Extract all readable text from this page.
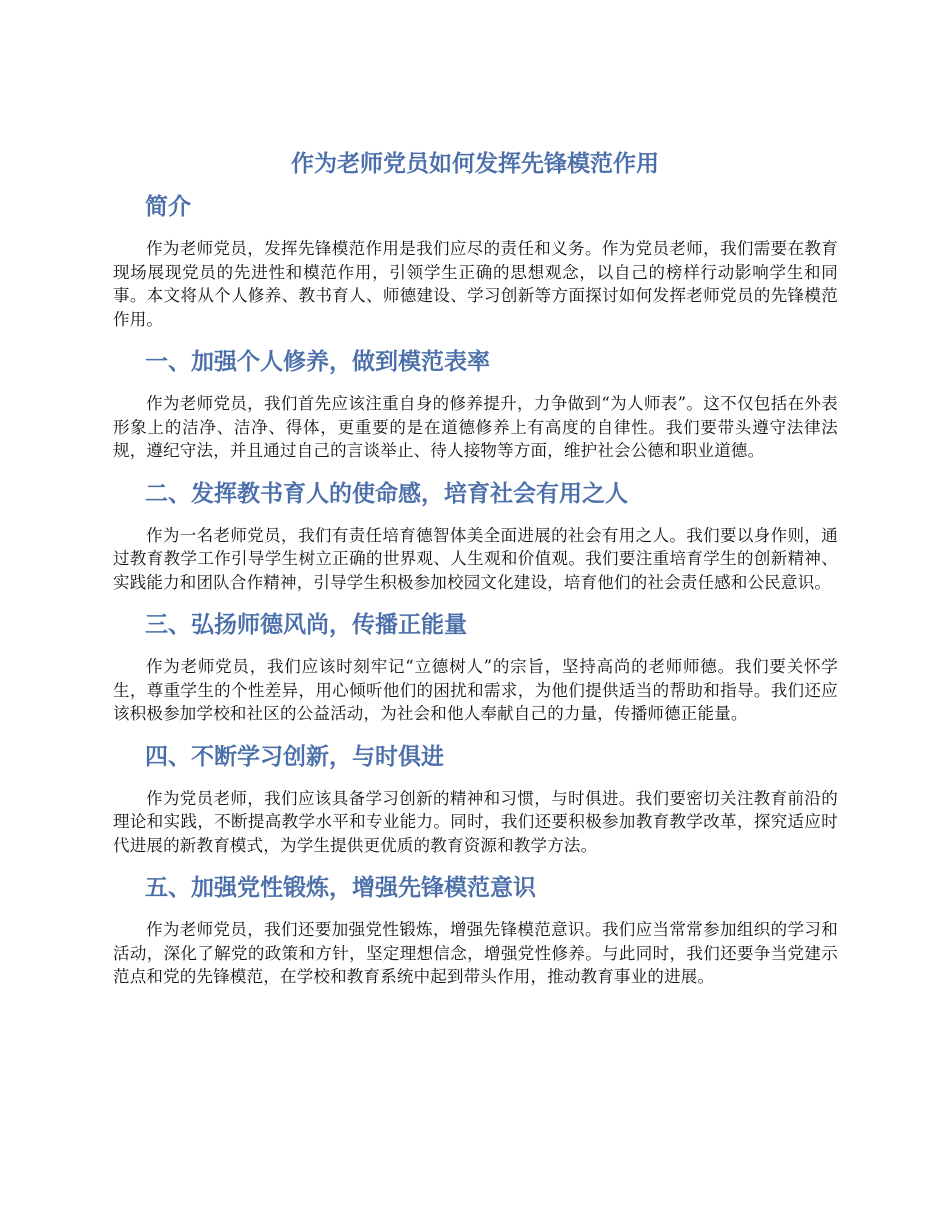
作为老师党员如何发挥先锋模范作用
简介

作为老师党员，发挥先锋模范作用是我们应尽的责任和义务。作为党员老师，我们需要在教育现场展现党员的先进性和模范作用，引领学生正确的思想观念，以自己的榜样行动影响学生和同事。本文将从个人修养、教书育人、师德建设、学习创新等方面探讨如何发挥老师党员的先锋模范作用。

一、加强个人修养，做到模范表率

作为老师党员，我们首先应该注重自身的修养提升，力争做到“为人师表”。这不仅包括在外表形象上的洁净、洁净、得体，更重要的是在道德修养上有高度的自律性。我们要带头遵守法律法规，遵纪守法，并且通过自己的言谈举止、待人接物等方面，维护社会公德和职业道德。

二、发挥教书育人的使命感，培育社会有用之人

作为一名老师党员，我们有责任培育德智体美全面进展的社会有用之人。我们要以身作则，通过教育教学工作引导学生树立正确的世界观、人生观和价值观。我们要注重培育学生的创新精神、实践能力和团队合作精神，引导学生积极参加校园文化建设，培育他们的社会责任感和公民意识。

三、弘扬师德风尚，传播正能量

作为老师党员，我们应该时刻牢记“立德树人”的宗旨，坚持高尚的老师师德。我们要关怀学生，尊重学生的个性差异，用心倾听他们的困扰和需求，为他们提供适当的帮助和指导。我们还应该积极参加学校和社区的公益活动，为社会和他人奉献自己的力量，传播师德正能量。

四、不断学习创新，与时俱进

作为党员老师，我们应该具备学习创新的精神和习惯，与时俱进。我们要密切关注教育前沿的理论和实践，不断提高教学水平和专业能力。同时，我们还要积极参加教育教学改革，探究适应时代进展的新教育模式，为学生提供更优质的教育资源和教学方法。

五、加强党性锻炼，增强先锋模范意识

作为老师党员，我们还要加强党性锻炼，增强先锋模范意识。我们应当常常参加组织的学习和活动，深化了解党的政策和方针，坚定理想信念，增强党性修养。与此同时，我们还要争当党建示范点和党的先锋模范，在学校和教育系统中起到带头作用，推动教育事业的进展。
